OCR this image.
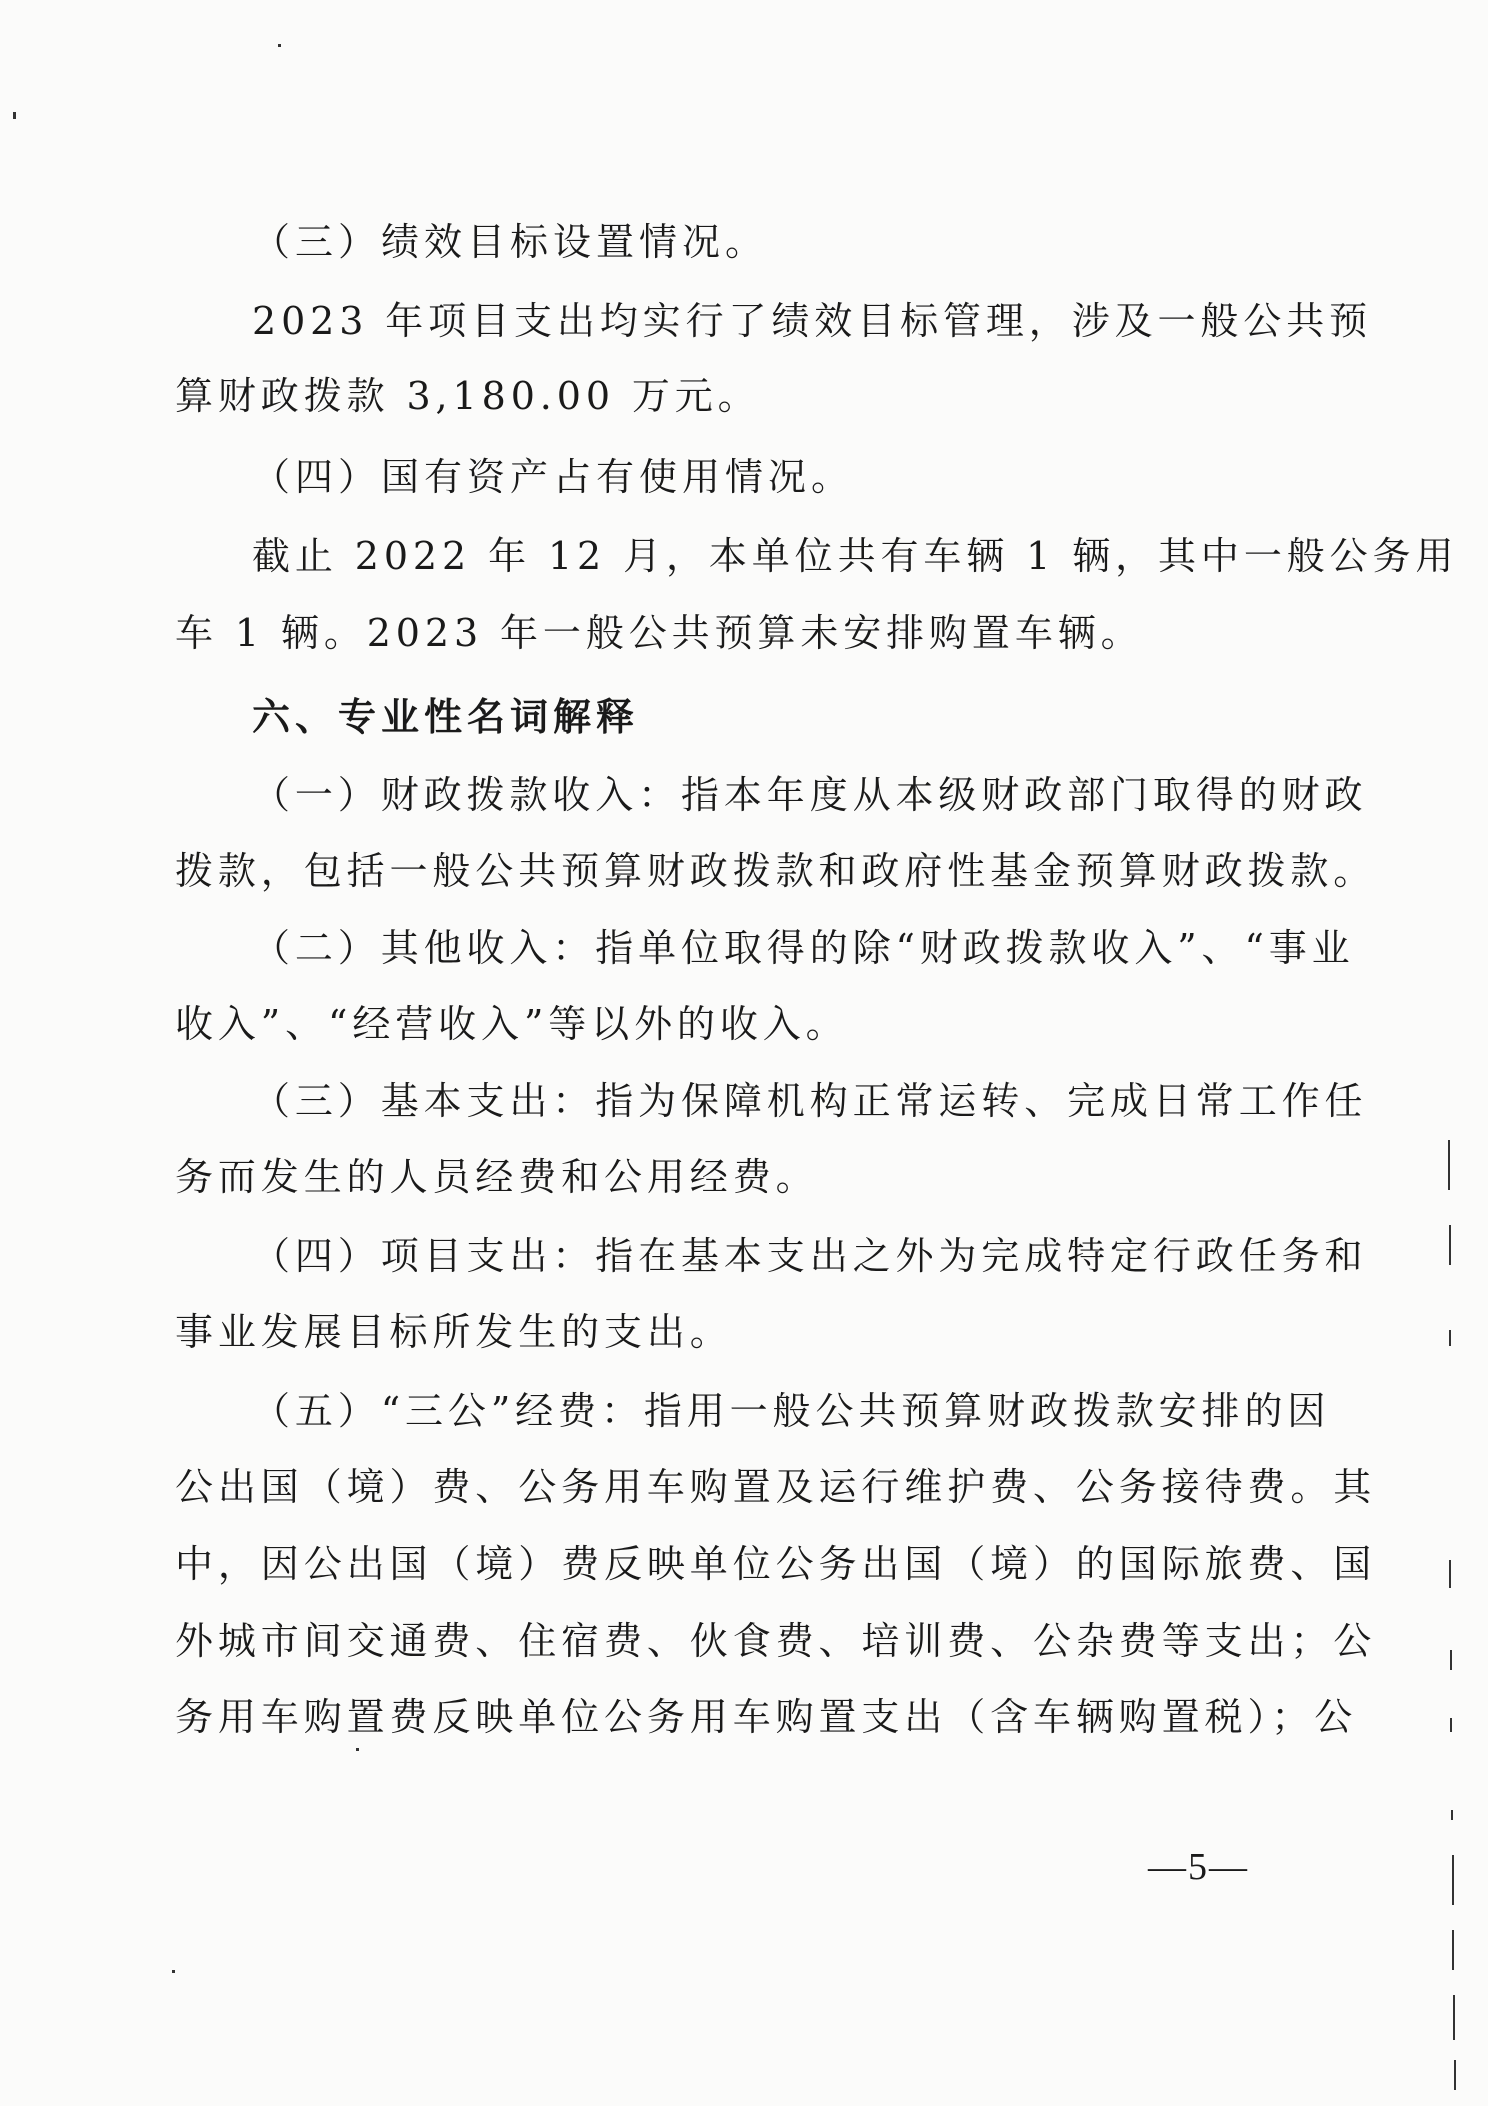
（三）绩效目标设置情况。
2023 年项目支出均实行了绩效目标管理，涉及一般公共预
算财政拨款 3,180.00 万元。
（四）国有资产占有使用情况。
截止 2022 年 12 月，本单位共有车辆 1 辆，其中一般公务用
车 1 辆。2023 年一般公共预算未安排购置车辆。
六、专业性名词解释
（一）财政拨款收入：指本年度从本级财政部门取得的财政
拨款，包括一般公共预算财政拨款和政府性基金预算财政拨款。
（二）其他收入：指单位取得的除“财政拨款收入”、“事业
收入”、“经营收入”等以外的收入。
（三）基本支出：指为保障机构正常运转、完成日常工作任
务而发生的人员经费和公用经费。
（四）项目支出：指在基本支出之外为完成特定行政任务和
事业发展目标所发生的支出。
（五）“三公”经费：指用一般公共预算财政拨款安排的因
公出国（境）费、公务用车购置及运行维护费、公务接待费。其
中，因公出国（境）费反映单位公务出国（境）的国际旅费、国
外城市间交通费、住宿费、伙食费、培训费、公杂费等支出；公
务用车购置费反映单位公务用车购置支出（含车辆购置税）；公
—5—
